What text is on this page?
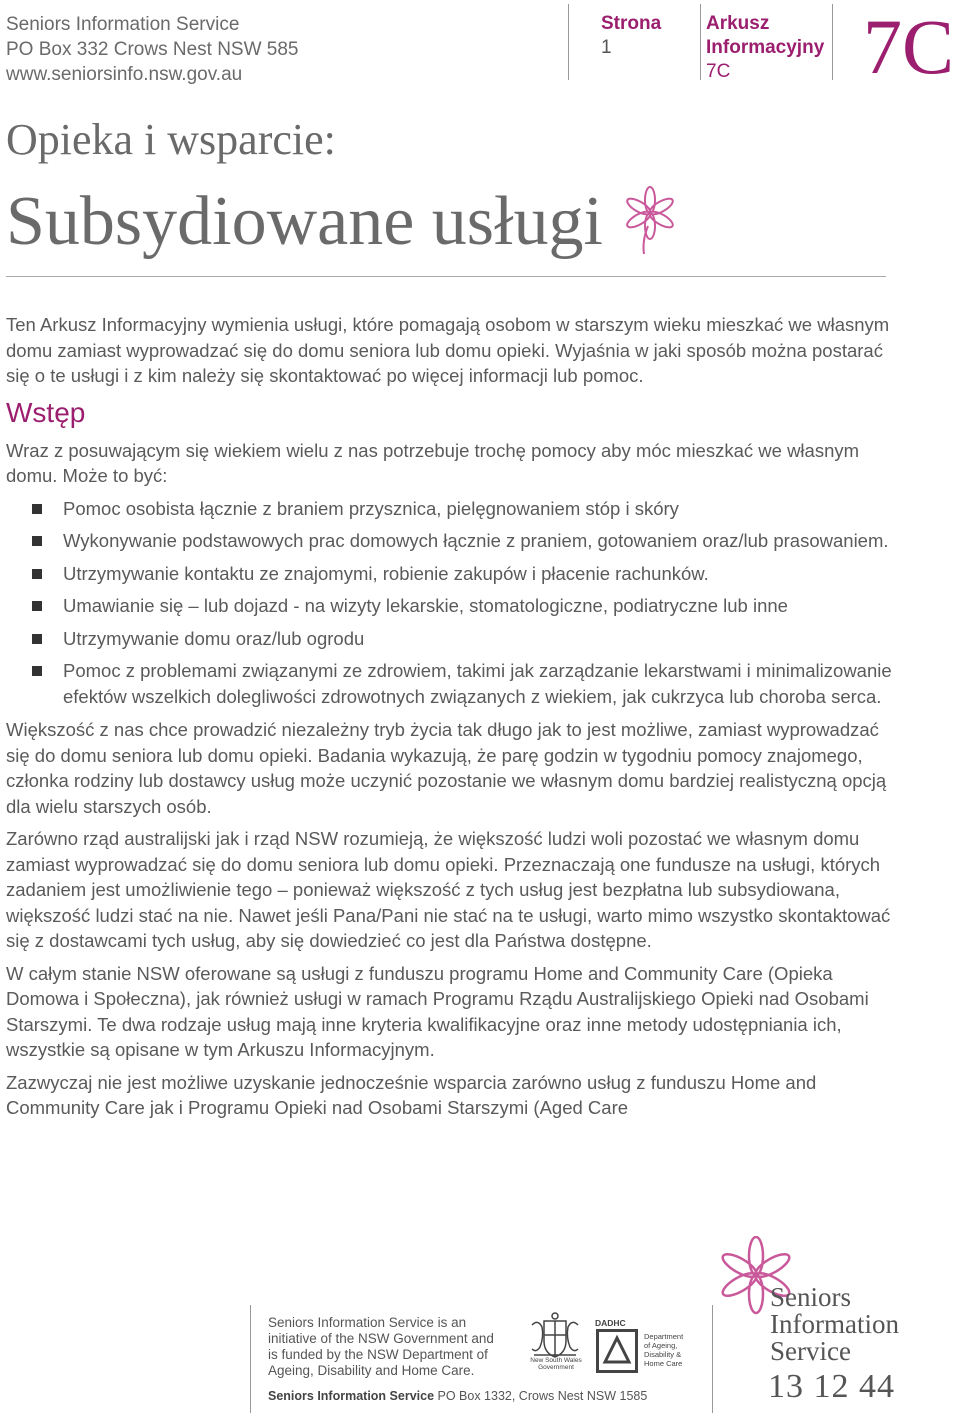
Seniors Information Service
PO Box 332 Crows Nest NSW 585
www.seniorsinfo.nsw.gov.au
Strona
1
Arkusz
Informacyjny
7C 7C
Opieka i wsparcie:
Subsydiowane usługi

Ten Arkusz Informacyjny wymienia usługi, które pomagają osobom w starszym wieku mieszkać we własnym domu zamiast wyprowadzać się do domu seniora lub domu opieki. Wyjaśnia w jaki sposób można postarać się o te usługi i z kim należy się skontaktować po więcej informacji lub pomoc.

Wstęp

Wraz z posuwającym się wiekiem wielu z nas potrzebuje trochę pomocy aby móc mieszkać we własnym domu. Może to być:

Pomoc osobista łącznie z braniem przysznica, pielęgnowaniem stóp i skóry
Wykonywanie podstawowych prac domowych łącznie z praniem, gotowaniem oraz/lub prasowaniem.
Utrzymywanie kontaktu ze znajomymi, robienie zakupów i płacenie rachunków.
Umawianie się – lub dojazd - na wizyty lekarskie, stomatologiczne, podiatryczne lub inne
Utrzymywanie domu oraz/lub ogrodu
Pomoc z problemami związanymi ze zdrowiem, takimi jak zarządzanie lekarstwami i minimalizowanie efektów wszelkich dolegliwości zdrowotnych związanych z wiekiem, jak cukrzyca lub choroba serca.

Większość z nas chce prowadzić niezależny tryb życia tak długo jak to jest możliwe, zamiast wyprowadzać się do domu seniora lub domu opieki. Badania wykazują, że parę godzin w tygodniu pomocy znajomego, członka rodziny lub dostawcy usług może uczynić pozostanie we własnym domu bardziej realistyczną opcją dla wielu starszych osób.

Zarówno rząd australijski jak i rząd NSW rozumieją, że większość ludzi woli pozostać we własnym domu zamiast wyprowadzać się do domu seniora lub domu opieki. Przeznaczają one fundusze na usługi, których zadaniem jest umożliwienie tego – ponieważ większość z tych usług jest bezpłatna lub subsydiowana, większość ludzi stać na nie. Nawet jeśli Pana/Pani nie stać na te usługi, warto mimo wszystko skontaktować się z dostawcami tych usług, aby się dowiedzieć co jest dla Państwa dostępne.

W całym stanie NSW oferowane są usługi z funduszu programu Home and Community Care (Opieka Domowa i Społeczna), jak również usługi w ramach Programu Rządu Australijskiego Opieki nad Osobami Starszymi. Te dwa rodzaje usług mają inne kryteria kwalifikacyjne oraz inne metody udostępniania ich, wszystkie są opisane w tym Arkuszu Informacyjnym.

Zazwyczaj nie jest możliwe uzyskanie jednocześnie wsparcia zarówno usług z funduszu Home and Community Care jak i Programu Opieki nad Osobami Starszymi (Aged Care

Seniors Information Service is an
initiative of the NSW Government and
is funded by the NSW Department of
Ageing, Disability and Home Care.
Seniors Information Service PO Box 1332, Crows Nest NSW 1585
New South Wales Government
DADHC
Department
of Ageing,
Disability &
Home Care
Seniors
Information
Service
13 12 44
